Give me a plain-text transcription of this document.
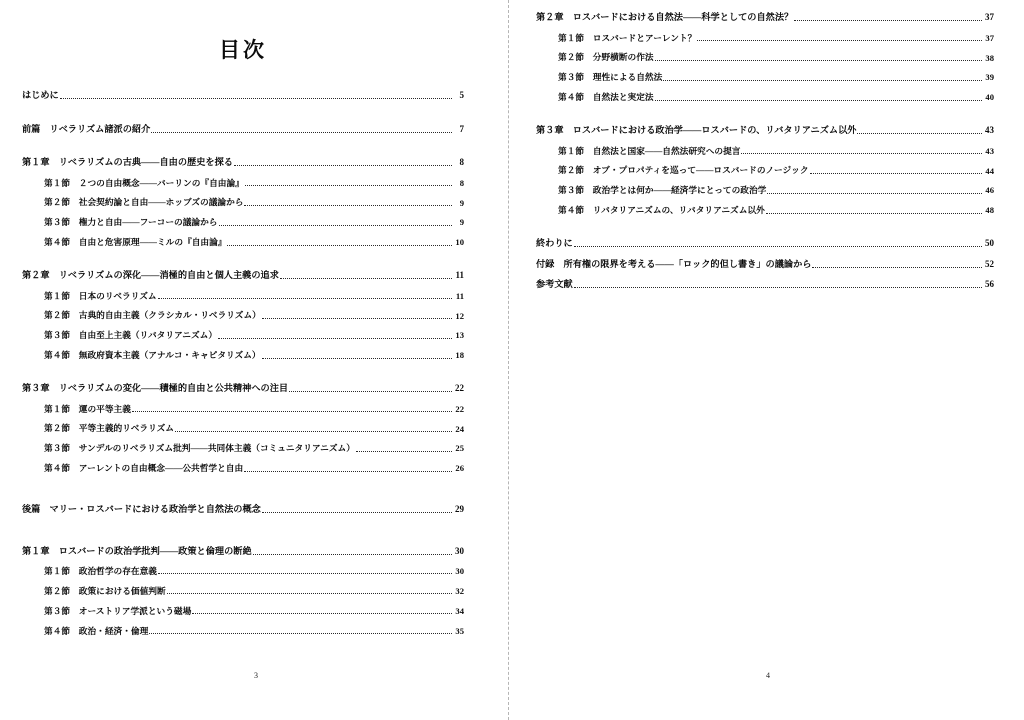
目次
はじめに	5
前篇　リベラリズム諸派の紹介	7
第１章　リベラリズムの古典——自由の歴史を探る	8
第１節　２つの自由概念——バーリンの『自由論』	8
第２節　社会契約論と自由——ホッブズの議論から	9
第３節　権力と自由——フーコーの議論から	9
第４節　自由と危害原理——ミルの『自由論』	10
第２章　リベラリズムの深化——消極的自由と個人主義の追求	11
第１節　日本のリベラリズム	11
第２節　古典的自由主義（クラシカル・リベラリズム）	12
第３節　自由至上主義（リバタリアニズム）	13
第４節　無政府資本主義（アナルコ・キャピタリズム）	18
第３章　リベラリズムの変化——積極的自由と公共精神への注目	22
第１節　運の平等主義	22
第２節　平等主義的リベラリズム	24
第３節　サンデルのリベラリズム批判——共同体主義（コミュニタリアニズム）	25
第４節　アーレントの自由概念——公共哲学と自由	26
後篇　マリー・ロスバードにおける政治学と自然法の概念	29
第１章　ロスバードの政治学批判——政策と倫理の断絶	30
第１節　政治哲学の存在意義	30
第２節　政策における価値判断	32
第３節　オーストリア学派という磁場	34
第４節　政治・経済・倫理	35
3
第２章　ロスバードにおける自然法——科学としての自然法？	37
第１節　ロスバードとアーレント？	37
第２節　分野横断の作法	38
第３節　理性による自然法	39
第４節　自然法と実定法	40
第３章　ロスバードにおける政治学——ロスバードの、リバタリアニズム以外	43
第１節　自然法と国家——自然法研究への提言	43
第２節　オブ・プロパティを巡って——ロスバードのノージック	44
第３節　政治学とは何か——経済学にとっての政治学	46
第４節　リバタリアニズムの、リバタリアニズム以外	48
終わりに	50
付録　所有権の限界を考える——「ロック的但し書き」の議論から	52
参考文献	56
4
